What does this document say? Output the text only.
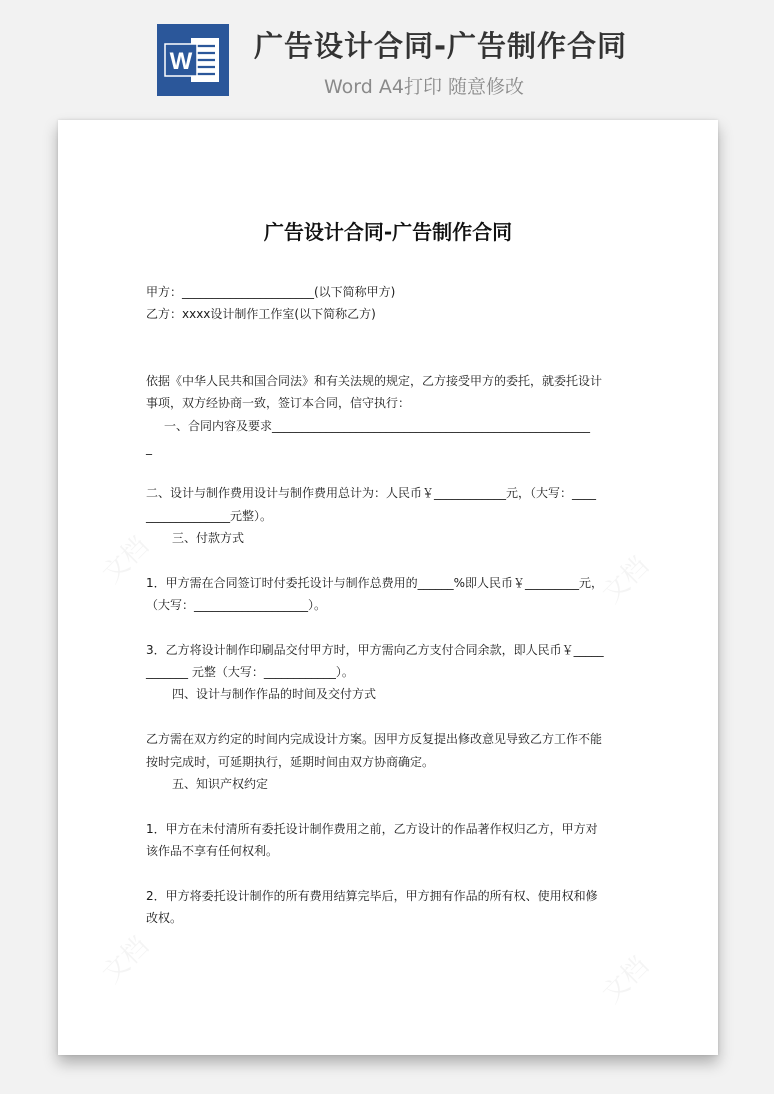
W 广告设计合同-广告制作合同
Word A4打印 随意修改
文档	文档
文档	文档
广告设计合同-广告制作合同
甲方：______________________(以下简称甲方)
乙方：xxxx设计制作工作室(以下简称乙方)
依据《中华人民共和国合同法》和有关法规的规定，乙方接受甲方的委托，就委托设计
事项，双方经协商一致，签订本合同，信守执行：
一、合同内容及要求_____________________________________________________
_
二、设计与制作费用设计与制作费用总计为：人民币￥____________元，（大写：____
______________元整）。
三、付款方式
1．甲方需在合同签订时付委托设计与制作总费用的______%即人民币￥_________元，
（大写：___________________）。
3．乙方将设计制作印刷品交付甲方时，甲方需向乙方支付合同余款，即人民币￥_____
_______ 元整（大写：____________）。
四、设计与制作作品的时间及交付方式
乙方需在双方约定的时间内完成设计方案。因甲方反复提出修改意见导致乙方工作不能
按时完成时，可延期执行，延期时间由双方协商确定。
五、知识产权约定
1．甲方在未付清所有委托设计制作费用之前，乙方设计的作品著作权归乙方，甲方对
该作品不享有任何权利。
2．甲方将委托设计制作的所有费用结算完毕后，甲方拥有作品的所有权、使用权和修
改权。
